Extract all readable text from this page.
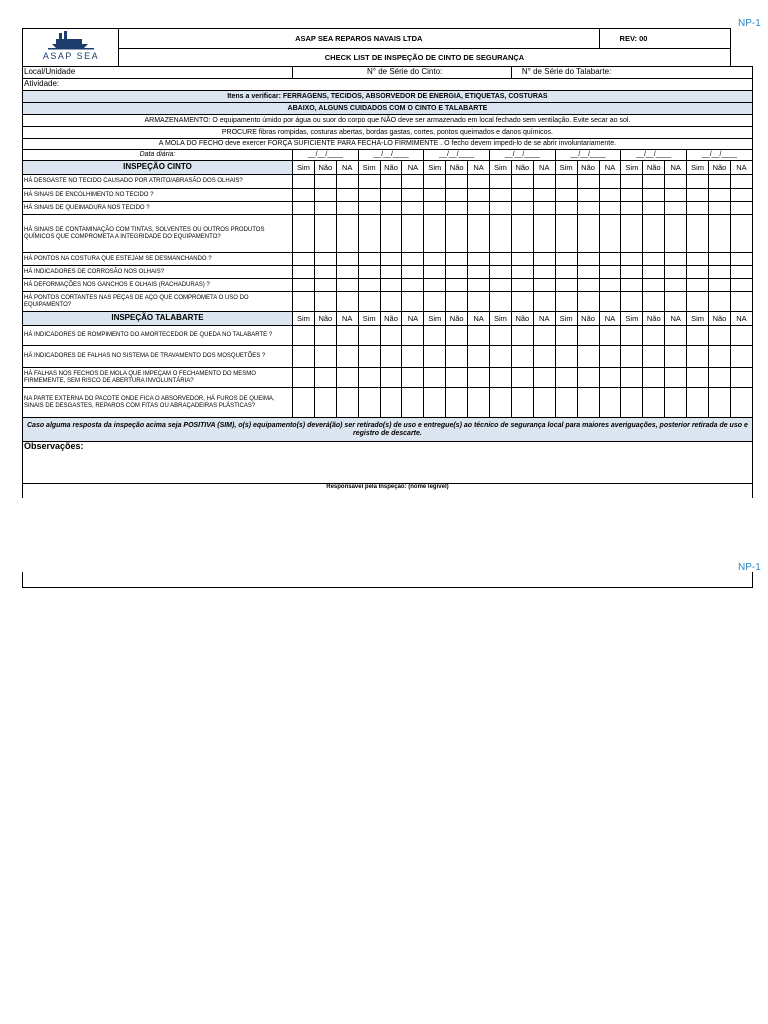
NP-1
NP-1
ASAP SEA	ASAP SEA REPAROS NAVAIS LTDA															REV: 00						
	CHECK LIST DE INSPEÇÃO DE CINTO DE SEGURANÇA																					
Local/Unidade		N° de Série do Cinto:										N° de Série do Talabarte:										
Atividade:																						
Itens a verificar: FERRAGENS, TECIDOS, ABSORVEDOR DE ENERGIA, ETIQUETAS, COSTURAS																						
ABAIXO, ALGUNS CUIDADOS COM O CINTO E TALABARTE																						
ARMAZENAMENTO: O equipamento úmido por água ou suor do corpo que NÃO deve ser armazenado em local fechado sem ventilação. Evite secar ao sol.																						
PROCURE fibras rompidas, costuras abertas, bordas gastas, cortes, pontos queimados e danos químicos.																						
A MOLA DO FECHO deve exercer FORÇA SUFICIENTE PARA FECHÁ-LO FIRMIMENTE . O fecho devem impedi-lo de se abrir involuntariamente.																						
Data diária:		__/__/____			__/__/____			__/__/____			__/__/____			__/__/____			__/__/____			__/__/____		
INSPEÇÃO CINTO		Sim	Não	NA	Sim	Não	NA	Sim	Não	NA	Sim	Não	NA	Sim	Não	NA	Sim	Não	NA	Sim	Não	NA
HÁ DESGASTE NO TECIDO CAUSADO POR ATRITO/ABRASÃO DOS OLHAIS?																						
HÁ SINAIS DE ENCOLHIMENTO NO TECIDO ?																						
HÁ SINAIS DE QUEIMADURA NOS TECIDO ?																						
HÁ SINAIS DE CONTAMINAÇÃO COM TINTAS, SOLVENTES OU OUTROS PRODUTOS QUÍMICOS QUE COMPROMETA A INTEGRIDADE DO EQUIPAMENTO?																						
HÁ PONTOS NA COSTURA QUE ESTEJAM SE DESMANCHANDO ?																						
HÁ INDICADORES DE CORROSÃO NOS OLHAIS?																						
HÁ DEFORMAÇÕES NOS GANCHOS E OLHAIS (RACHADURAS) ?																						
HÁ PONTOS CORTANTES NAS PEÇAS DE AÇO QUE COMPROMETA O USO DO EQUIPAMENTO?																						
INSPEÇÃO TALABARTE		Sim	Não	NA	Sim	Não	NA	Sim	Não	NA	Sim	Não	NA	Sim	Não	NA	Sim	Não	NA	Sim	Não	NA
HÁ INDICADORES DE ROMPIMENTO DO AMORTECEDOR DE QUEDA NO TALABARTE ?																						
HÁ INDICADORES DE FALHAS NO SISTEMA DE TRAVAMENTO DOS MOSQUETÕES ?																						
HÁ FALHAS NOS FECHOS DE MOLA QUE IMPEÇAM O FECHAMENTO DO MESMO FIRMEMENTE, SEM RISCO DE ABERTURA INVOLUNTÁRIA?																						
NA PARTE EXTERNA DO PACOTE ONDE FICA O ABSORVEDOR, HÁ FUROS DE QUEIMA, SINAIS DE DESGASTES, REPAROS COM FITAS OU ABRAÇADEIRAS PLÁSTICAS?																						
Caso alguma resposta da inspeção acima seja POSITIVA (SIM), o(s) equipamento(s) deverá(ão) ser retirado(s) de uso e entregue(s) ao técnico de segurança local para maiores averiguações, posterior retirada de uso e registro de descarte.																						
Observações:																						
Responsável pela Inspeção: (nome legível)																						
